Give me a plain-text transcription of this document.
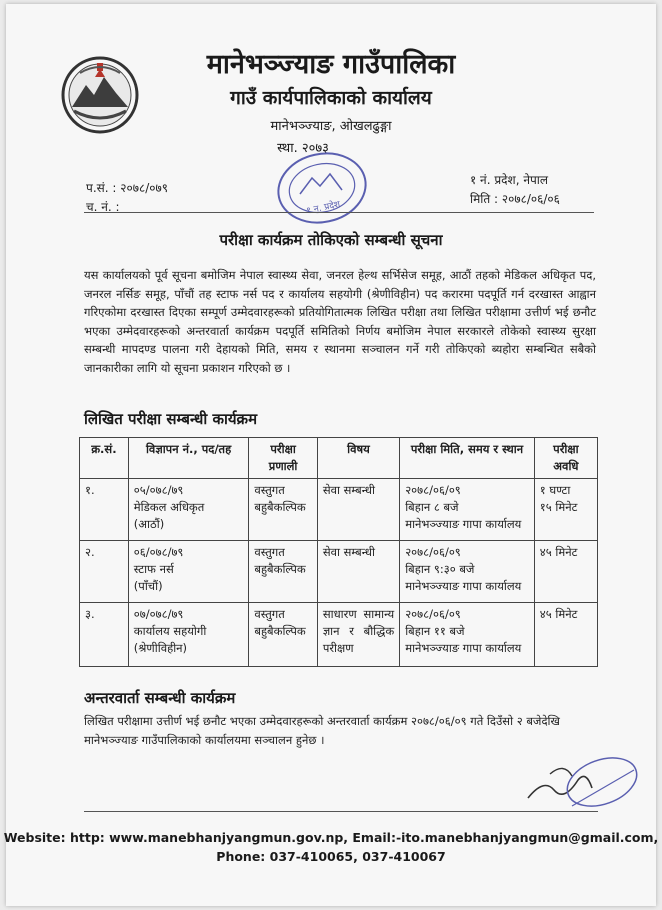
मानेभञ्ज्याङ गाउँपालिका
गाउँ कार्यपालिकाको कार्यालय
मानेभञ्ज्याङ, ओखलढुङ्गा
स्था. २०७३
१ न. प्रदेश
प.सं. : २०७८/०७९
च. नं. :
१ नं. प्रदेश, नेपाल
मिति : २०७८/०६/०६
परीक्षा कार्यक्रम तोकिएको सम्बन्धी सूचना
यस कार्यालयको पूर्व सूचना बमोजिम नेपाल स्वास्थ्य सेवा, जनरल हेल्थ सर्भिसेज समूह, आठौं तहको मेडिकल अधिकृत पद, जनरल नर्सिङ समूह, पाँचौं तह स्टाफ नर्स पद र कार्यालय सहयोगी (श्रेणीविहीन) पद करारमा पदपूर्ति गर्न दरखास्त आह्वान गरिएकोमा दरखास्त दिएका सम्पूर्ण उम्मेदवारहरूको प्रतियोगितात्मक लिखित परीक्षा तथा लिखित परीक्षामा उत्तीर्ण भई छनौट भएका उम्मेदवारहरूको अन्तरवार्ता कार्यक्रम पदपूर्ति समितिको निर्णय बमोजिम नेपाल सरकारले तोकेको स्वास्थ्य सुरक्षा सम्बन्धी मापदण्ड पालना गरी देहायको मिति, समय र स्थानमा सञ्चालन गर्ने गरी तोकिएको ब्यहोरा सम्बन्धित सबैको जानकारीका लागि यो सूचना प्रकाशन गरिएको छ ।
लिखित परीक्षा सम्बन्धी कार्यक्रम
क्र.सं.	विज्ञापन नं., पद/तह	परीक्षा प्रणाली	विषय	परीक्षा मिति, समय र स्थान	परीक्षा अवधि
१.	०५/०७८/७९
मेडिकल अधिकृत
(आठौं)	वस्तुगत
बहुबैकल्पिक	सेवा सम्बन्धी	२०७८/०६/०९
बिहान ८ बजे
मानेभञ्ज्याङ गापा कार्यालय	१ घण्टा
१५ मिनेट

२.	०६/०७८/७९
स्टाफ नर्स
(पाँचौं)	वस्तुगत
बहुबैकल्पिक	सेवा सम्बन्धी	२०७८/०६/०९
बिहान ९:३० बजे
मानेभञ्ज्याङ गापा कार्यालय	४५ मिनेट

३.	०७/०७८/७९
कार्यालय सहयोगी
(श्रेणीविहीन)	वस्तुगत
बहुबैकल्पिक	साधारण सामान्य ज्ञान र बौद्धिक परीक्षण	२०७८/०६/०९
बिहान ११ बजे
मानेभञ्ज्याङ गापा कार्यालय	४५ मिनेट
अन्तरवार्ता सम्बन्धी कार्यक्रम
लिखित परीक्षामा उत्तीर्ण भई छनौट भएका उम्मेदवारहरूको अन्तरवार्ता कार्यक्रम २०७८/०६/०९ गते दिउँसो २ बजेदेखि मानेभञ्ज्याङ गाउँपालिकाको कार्यालयमा सञ्चालन हुनेछ ।
Website: http: www.manebhanjyangmun.gov.np, Email:-ito.manebhanjyangmun@gmail.com,
Phone: 037-410065, 037-410067
